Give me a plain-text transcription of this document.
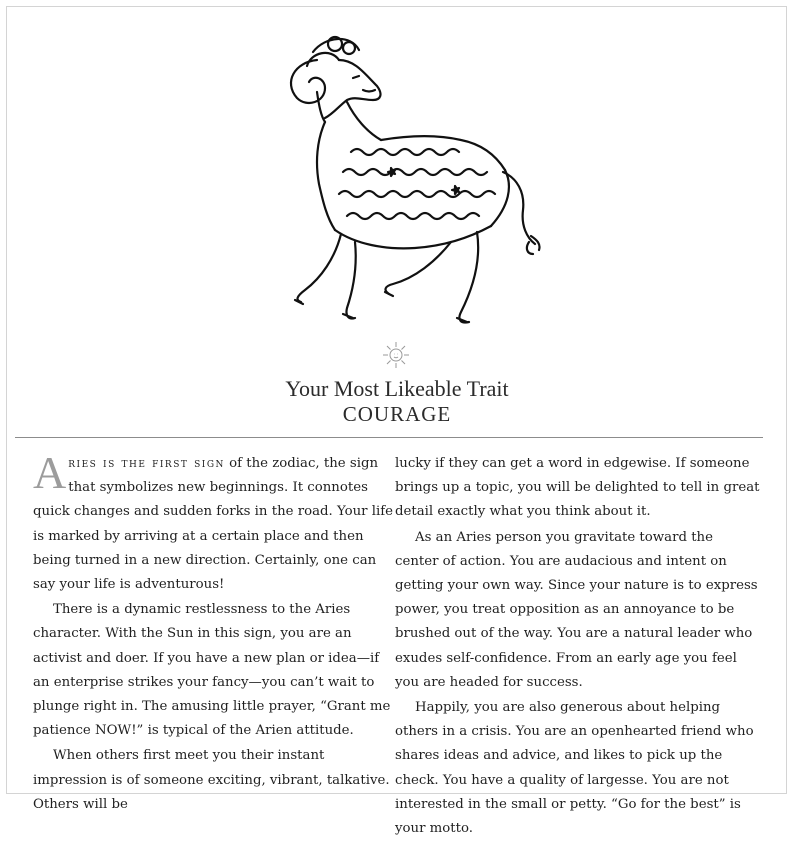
Your Most Likeable Trait
COURAGE

Aries is the first sign of the zodiac, the sign that symbolizes new beginnings. It connotes quick changes and sudden forks in the road. Your life is marked by arriving at a certain place and then being turned in a new direction. Certainly, one can say your life is adventurous!

There is a dynamic restlessness to the Aries character. With the Sun in this sign, you are an activist and doer. If you have a new plan or idea—if an enterprise strikes your fancy—you can’t wait to plunge right in. The amusing little prayer, “Grant me patience NOW!” is typical of the Arien attitude.

When others first meet you their instant impression is of someone exciting, vibrant, talkative. Others will be

lucky if they can get a word in edgewise. If someone brings up a topic, you will be delighted to tell in great detail exactly what you think about it.

As an Aries person you gravitate toward the center of action. You are audacious and intent on getting your own way. Since your nature is to express power, you treat opposition as an annoyance to be brushed out of the way. You are a natural leader who exudes self-confidence. From an early age you feel you are headed for success.

Happily, you are also generous about helping others in a crisis. You are an openhearted friend who shares ideas and advice, and likes to pick up the check. You have a quality of largesse. You are not interested in the small or petty. “Go for the best” is your motto.
